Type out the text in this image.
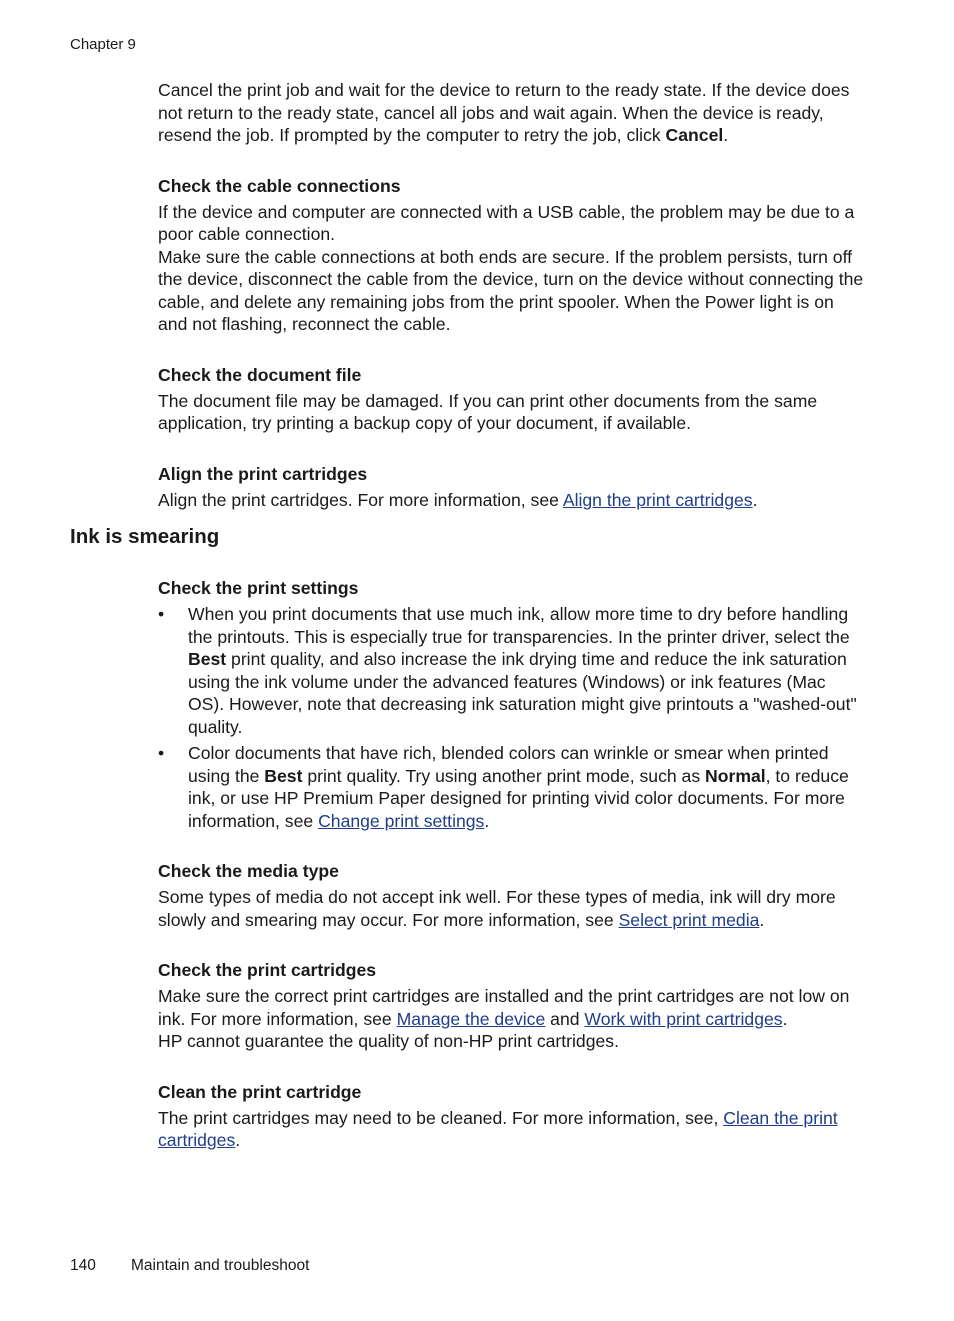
Chapter 9

Cancel the print job and wait for the device to return to the ready state. If the device does not return to the ready state, cancel all jobs and wait again. When the device is ready, resend the job. If prompted by the computer to retry the job, click Cancel.

Check the cable connections

If the device and computer are connected with a USB cable, the problem may be due to a poor cable connection.

Make sure the cable connections at both ends are secure. If the problem persists, turn off the device, disconnect the cable from the device, turn on the device without connecting the cable, and delete any remaining jobs from the print spooler. When the Power light is on and not flashing, reconnect the cable.

Check the document file

The document file may be damaged. If you can print other documents from the same application, try printing a backup copy of your document, if available.

Align the print cartridges

Align the print cartridges. For more information, see Align the print cartridges.

Ink is smearing
Check the print settings
• When you print documents that use much ink, allow more time to dry before handling the printouts. This is especially true for transparencies. In the printer driver, select the Best print quality, and also increase the ink drying time and reduce the ink saturation using the ink volume under the advanced features (Windows) or ink features (Mac OS). However, note that decreasing ink saturation might give printouts a "washed-out" quality.
• Color documents that have rich, blended colors can wrinkle or smear when printed using the Best print quality. Try using another print mode, such as Normal, to reduce ink, or use HP Premium Paper designed for printing vivid color documents. For more information, see Change print settings.
Check the media type

Some types of media do not accept ink well. For these types of media, ink will dry more slowly and smearing may occur. For more information, see Select print media.

Check the print cartridges

Make sure the correct print cartridges are installed and the print cartridges are not low on ink. For more information, see Manage the device and Work with print cartridges.

HP cannot guarantee the quality of non-HP print cartridges.

Clean the print cartridge

The print cartridges may need to be cleaned. For more information, see, Clean the print cartridges.

140 Maintain and troubleshoot
